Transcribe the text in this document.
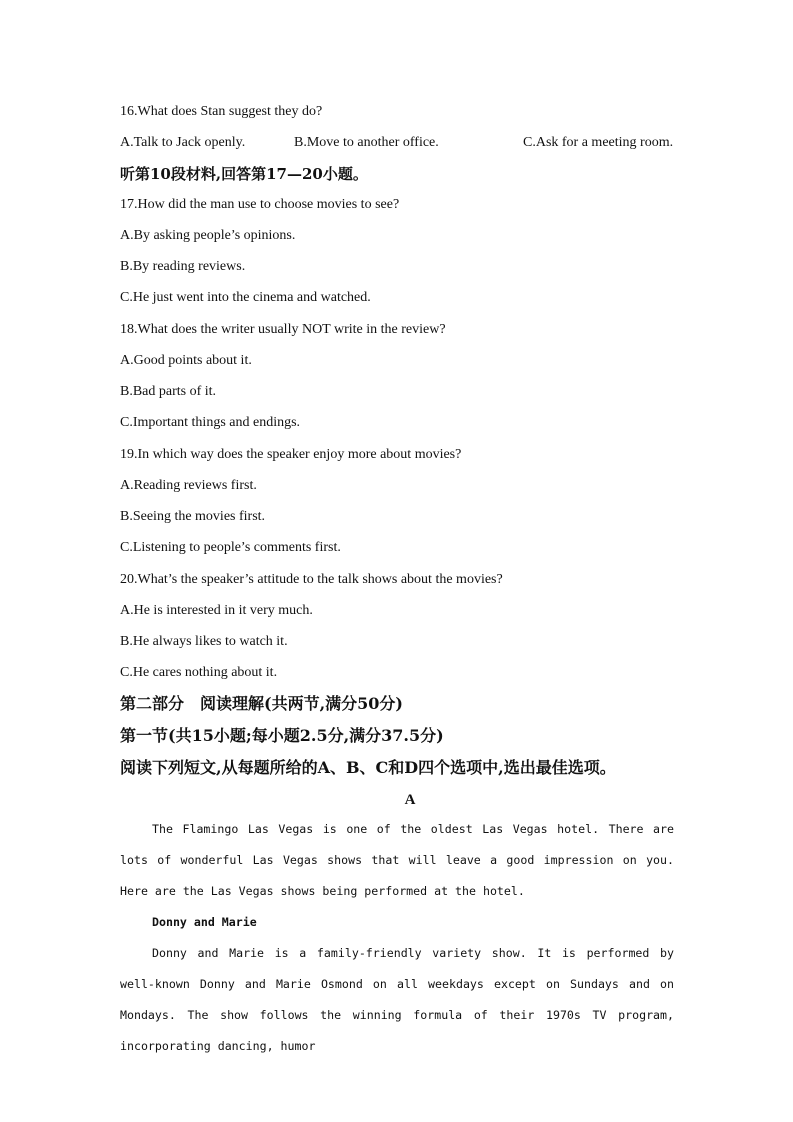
16.What does Stan suggest they do?
A.Talk to Jack openly.	B.Move to another office.	C.Ask for a meeting room.
听第10段材料,回答第17—20小题。
17.How did the man use to choose movies to see?
A.By asking people’s opinions.
B.By reading reviews.
C.He just went into the cinema and watched.
18.What does the writer usually NOT write in the review?
A.Good points about it.
B.Bad parts of it.
C.Important things and endings.
19.In which way does the speaker enjoy more about movies?
A.Reading reviews first.
B.Seeing the movies first.
C.Listening to people’s comments first.
20.What’s the speaker’s attitude to the talk shows about the movies?
A.He is interested in it very much.
B.He always likes to watch it.
C.He cares nothing about it.
第二部分　阅读理解(共两节,满分50分)
第一节(共15小题;每小题2.5分,满分37.5分)
阅读下列短文,从每题所给的A、B、C和D四个选项中,选出最佳选项。
A

The Flamingo Las Vegas is one of the oldest Las Vegas hotel. There are lots of wonderful Las Vegas shows that will leave a good impression on you. Here are the Las Vegas shows being performed at the hotel.

Donny and Marie

Donny and Marie is a family-friendly variety show. It is performed by well-known Donny and Marie Osmond on all weekdays except on Sundays and on Mondays. The show follows the winning formula of their 1970s TV program, incorporating dancing, humor
